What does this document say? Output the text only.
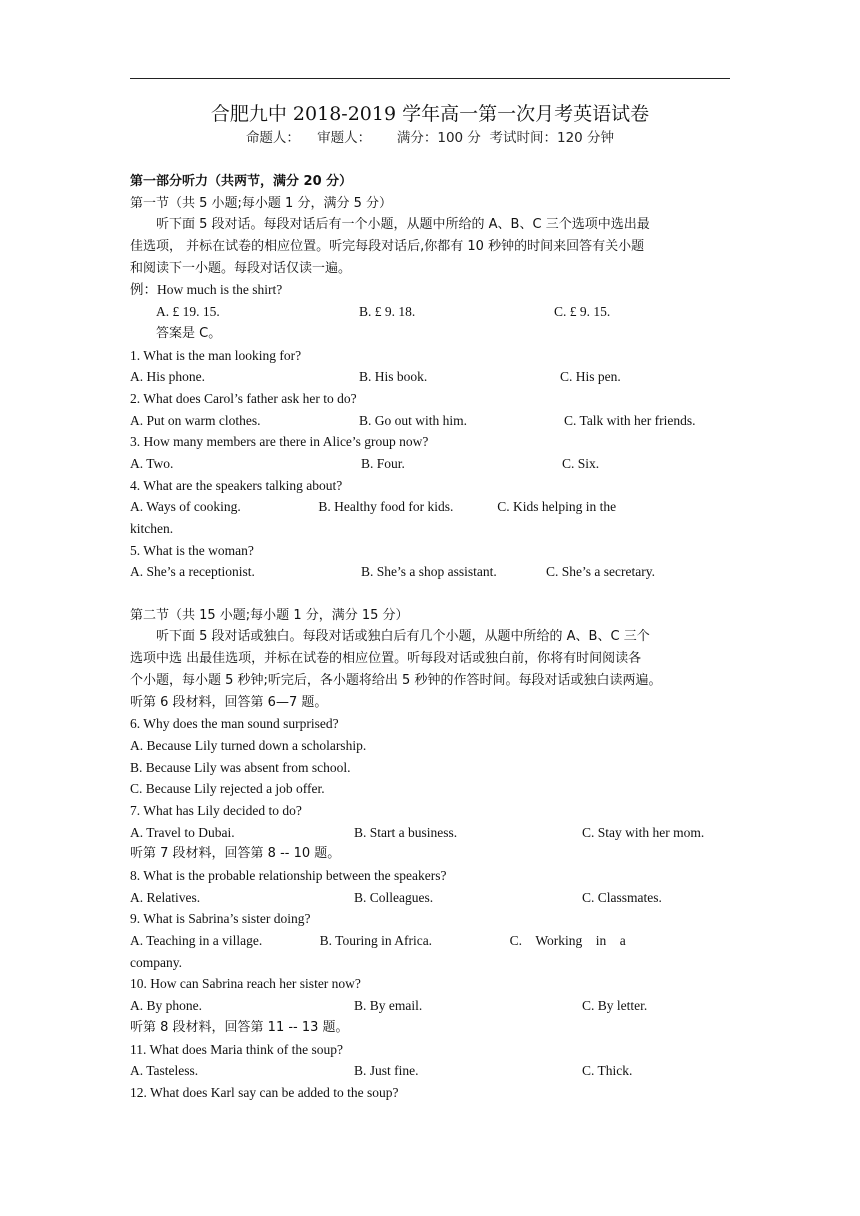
合肥九中 2018-2019 学年高一第一次月考英语试卷
命题人：    审题人：      满分：100 分  考试时间：120 分钟
第一部分听力（共两节，满分 20 分）
第一节（共 5 小题;每小题 1 分，满分 5 分）
听下面 5 段对话。每段对话后有一个小题，从题中所给的 A、B、C 三个选项中选出最
佳选项， 并标在试卷的相应位置。听完每段对话后,你都有 10 秒钟的时间来回答有关小题
和阅读下一小题。每段对话仅读一遍。
例：How much is the shirt?
A. £ 19. 15.	B. £ 9. 18.	C. £ 9. 15.
答案是 C。
1. What is the man looking for?
A. His phone.	B. His book.	C. His pen.
2. What does Carol’s father ask her to do?
A. Put on warm clothes.	B. Go out with him.	C. Talk with her friends.
3. How many members are there in Alice’s group now?
A. Two.	B. Four.	C. Six.
4. What are the speakers talking about?
A. Ways of cooking.                       B. Healthy food for kids.             C. Kids helping in the
kitchen.
5. What is the woman?
A. She’s a receptionist.	B. She’s a shop assistant.	C. She’s a secretary.
第二节（共 15 小题;每小题 1 分，满分 15 分）
听下面 5 段对话或独白。每段对话或独白后有几个小题，从题中所给的 A、B、C 三个
选项中选 出最佳选项，并标在试卷的相应位置。听每段对话或独白前，你将有时间阅读各
个小题，每小题 5 秒钟;听完后，各小题将给出 5 秒钟的作答时间。每段对话或独白读两遍。
听第 6 段材料，回答第 6—7 题。
6. Why does the man sound surprised?
A. Because Lily turned down a scholarship.
B. Because Lily was absent from school.
C. Because Lily rejected a job offer.
7. What has Lily decided to do?
A. Travel to Dubai.	B. Start a business.	C. Stay with her mom.
听第 7 段材料，回答第 8 -- 10 题。
8. What is the probable relationship between the speakers?
A. Relatives.	B. Colleagues.	C. Classmates.
9. What is Sabrina’s sister doing?
A. Teaching in a village.                 B. Touring in Africa.                       C.    Working    in    a
company.
10. How can Sabrina reach her sister now?
A. By phone.	B. By email.	C. By letter.
听第 8 段材料，回答第 11 -- 13 题。
11. What does Maria think of the soup?
A. Tasteless.	B. Just fine.	C. Thick.
12. What does Karl say can be added to the soup?
